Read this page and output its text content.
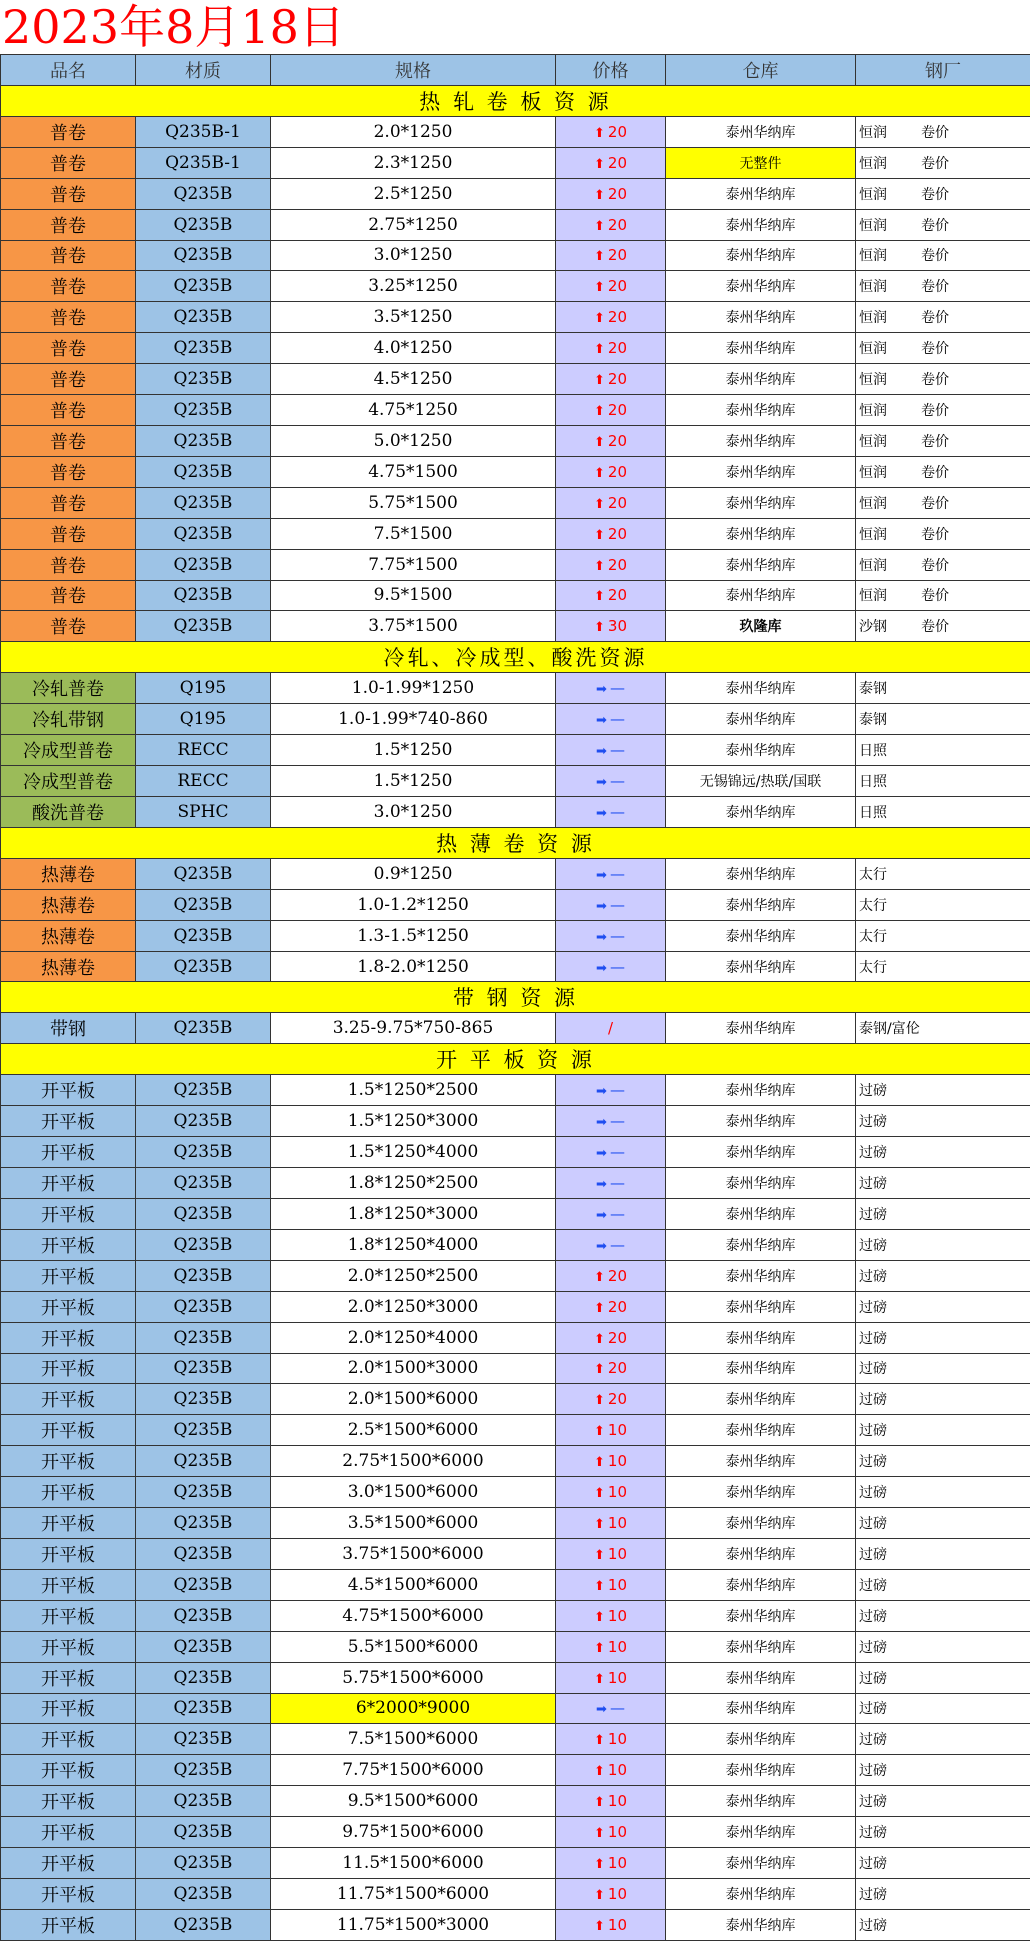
2023年8月18日
品名	材质	规格	价格	仓库	钢厂
热 轧 卷 板 资 源					
普卷	Q235B-1	2.0*1250	⬆ 20	泰州华纳库	恒润 卷价
普卷	Q235B-1	2.3*1250	⬆ 20	无整件	恒润 卷价
普卷	Q235B	2.5*1250	⬆ 20	泰州华纳库	恒润 卷价
普卷	Q235B	2.75*1250	⬆ 20	泰州华纳库	恒润 卷价
普卷	Q235B	3.0*1250	⬆ 20	泰州华纳库	恒润 卷价
普卷	Q235B	3.25*1250	⬆ 20	泰州华纳库	恒润 卷价
普卷	Q235B	3.5*1250	⬆ 20	泰州华纳库	恒润 卷价
普卷	Q235B	4.0*1250	⬆ 20	泰州华纳库	恒润 卷价
普卷	Q235B	4.5*1250	⬆ 20	泰州华纳库	恒润 卷价
普卷	Q235B	4.75*1250	⬆ 20	泰州华纳库	恒润 卷价
普卷	Q235B	5.0*1250	⬆ 20	泰州华纳库	恒润 卷价
普卷	Q235B	4.75*1500	⬆ 20	泰州华纳库	恒润 卷价
普卷	Q235B	5.75*1500	⬆ 20	泰州华纳库	恒润 卷价
普卷	Q235B	7.5*1500	⬆ 20	泰州华纳库	恒润 卷价
普卷	Q235B	7.75*1500	⬆ 20	泰州华纳库	恒润 卷价
普卷	Q235B	9.5*1500	⬆ 20	泰州华纳库	恒润 卷价
普卷	Q235B	3.75*1500	⬆ 30	玖隆库	沙钢 卷价
冷轧、冷成型、酸洗资源					
冷轧普卷	Q195	1.0-1.99*1250	➡ —	泰州华纳库	泰钢
冷轧带钢	Q195	1.0-1.99*740-860	➡ —	泰州华纳库	泰钢
冷成型普卷	RECC	1.5*1250	➡ —	泰州华纳库	日照
冷成型普卷	RECC	1.5*1250	➡ —	无锡锦远/热联/国联	日照
酸洗普卷	SPHC	3.0*1250	➡ —	泰州华纳库	日照
热 薄 卷 资 源					
热薄卷	Q235B	0.9*1250	➡ —	泰州华纳库	太行
热薄卷	Q235B	1.0-1.2*1250	➡ —	泰州华纳库	太行
热薄卷	Q235B	1.3-1.5*1250	➡ —	泰州华纳库	太行
热薄卷	Q235B	1.8-2.0*1250	➡ —	泰州华纳库	太行
带 钢 资 源					
带钢	Q235B	3.25-9.75*750-865	/	泰州华纳库	泰钢/富伦
开 平 板 资 源					
开平板	Q235B	1.5*1250*2500	➡ —	泰州华纳库	过磅
开平板	Q235B	1.5*1250*3000	➡ —	泰州华纳库	过磅
开平板	Q235B	1.5*1250*4000	➡ —	泰州华纳库	过磅
开平板	Q235B	1.8*1250*2500	➡ —	泰州华纳库	过磅
开平板	Q235B	1.8*1250*3000	➡ —	泰州华纳库	过磅
开平板	Q235B	1.8*1250*4000	➡ —	泰州华纳库	过磅
开平板	Q235B	2.0*1250*2500	⬆ 20	泰州华纳库	过磅
开平板	Q235B	2.0*1250*3000	⬆ 20	泰州华纳库	过磅
开平板	Q235B	2.0*1250*4000	⬆ 20	泰州华纳库	过磅
开平板	Q235B	2.0*1500*3000	⬆ 20	泰州华纳库	过磅
开平板	Q235B	2.0*1500*6000	⬆ 20	泰州华纳库	过磅
开平板	Q235B	2.5*1500*6000	⬆ 10	泰州华纳库	过磅
开平板	Q235B	2.75*1500*6000	⬆ 10	泰州华纳库	过磅
开平板	Q235B	3.0*1500*6000	⬆ 10	泰州华纳库	过磅
开平板	Q235B	3.5*1500*6000	⬆ 10	泰州华纳库	过磅
开平板	Q235B	3.75*1500*6000	⬆ 10	泰州华纳库	过磅
开平板	Q235B	4.5*1500*6000	⬆ 10	泰州华纳库	过磅
开平板	Q235B	4.75*1500*6000	⬆ 10	泰州华纳库	过磅
开平板	Q235B	5.5*1500*6000	⬆ 10	泰州华纳库	过磅
开平板	Q235B	5.75*1500*6000	⬆ 10	泰州华纳库	过磅
开平板	Q235B	6*2000*9000	➡ —	泰州华纳库	过磅
开平板	Q235B	7.5*1500*6000	⬆ 10	泰州华纳库	过磅
开平板	Q235B	7.75*1500*6000	⬆ 10	泰州华纳库	过磅
开平板	Q235B	9.5*1500*6000	⬆ 10	泰州华纳库	过磅
开平板	Q235B	9.75*1500*6000	⬆ 10	泰州华纳库	过磅
开平板	Q235B	11.5*1500*6000	⬆ 10	泰州华纳库	过磅
开平板	Q235B	11.75*1500*6000	⬆ 10	泰州华纳库	过磅
开平板	Q235B	11.75*1500*3000	⬆ 10	泰州华纳库	过磅
